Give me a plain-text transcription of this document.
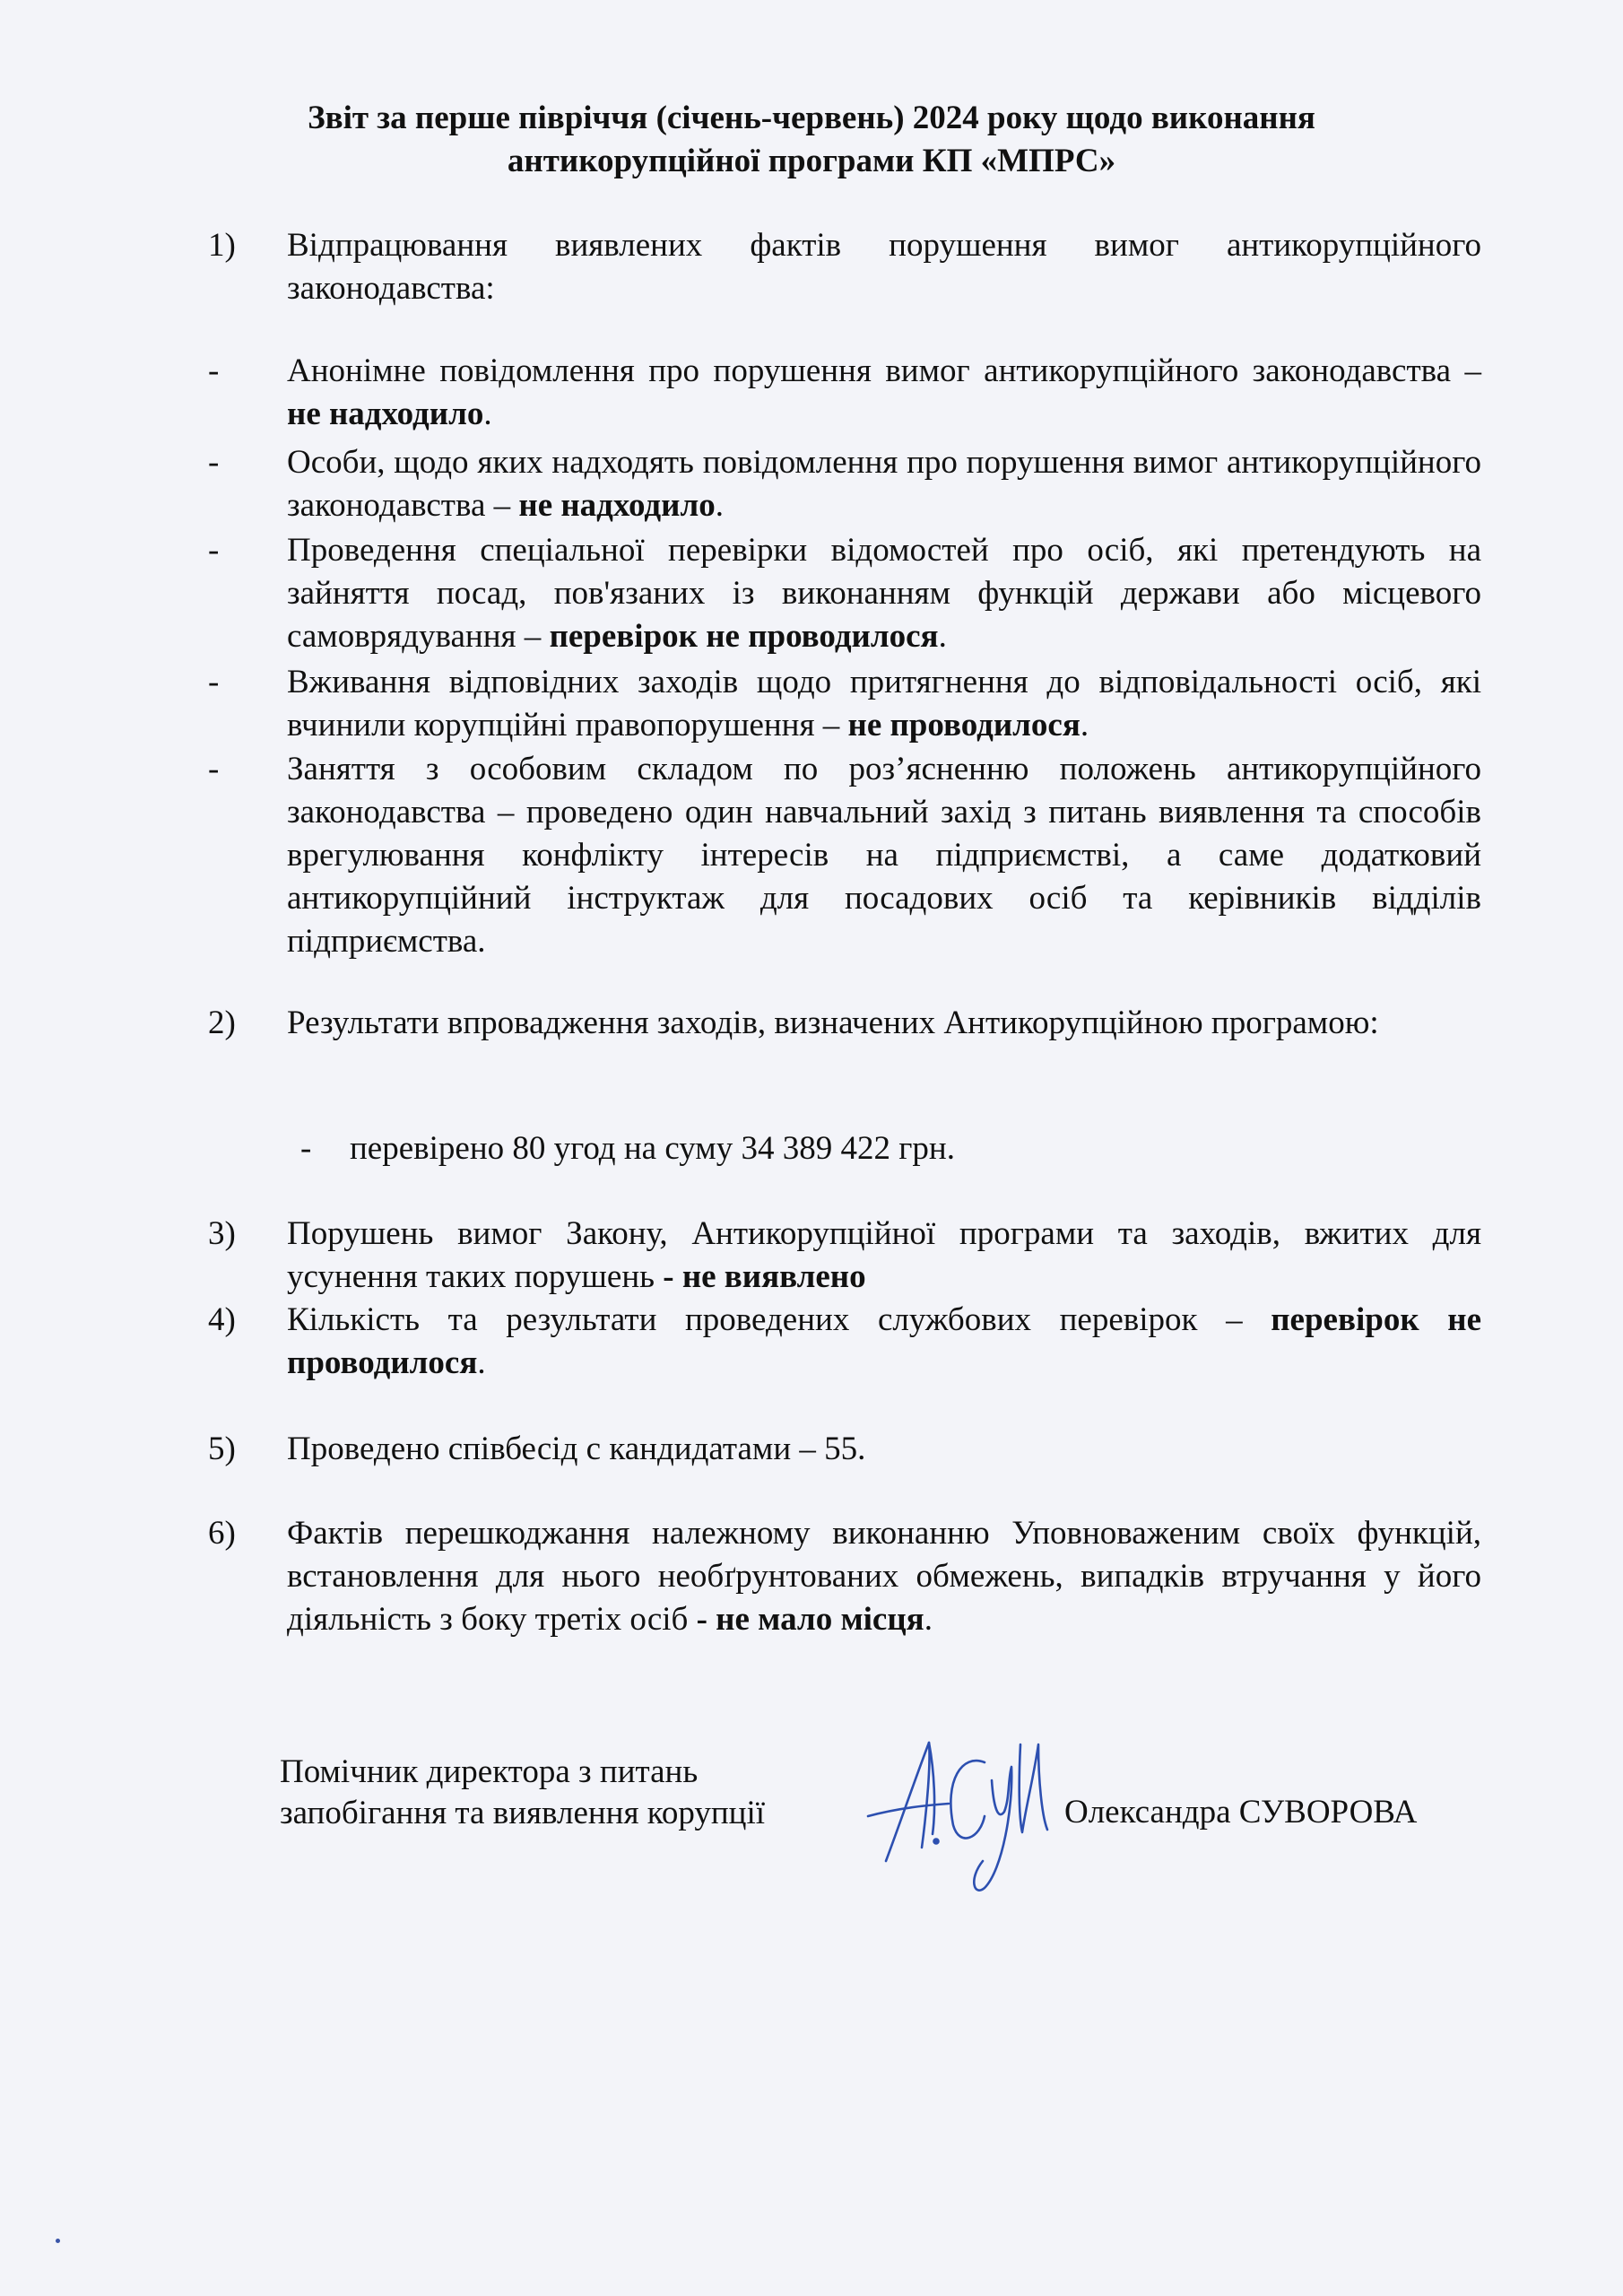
Звіт за перше півріччя (січень-червень) 2024 року щодо виконання
антикорупційної програми КП «МПРС»
1)	Відпрацювання виявлених фактів порушення вимог антикорупційного законодавства:
-	Анонімне повідомлення про порушення вимог антикорупційного законодавства – не надходило.
-	Особи, щодо яких надходять повідомлення про порушення вимог антикорупційного законодавства – не надходило.
-	Проведення спеціальної перевірки відомостей про осіб, які претендують на зайняття посад, пов'язаних із виконанням функцій держави або місцевого самоврядування – перевірок не проводилося.
-	Вживання відповідних заходів щодо притягнення до відповідальності осіб, які вчинили корупційні правопорушення – не проводилося.
-	Заняття з особовим складом по роз’ясненню положень антикорупційного законодавства – проведено один навчальний захід з питань виявлення та способів врегулювання конфлікту інтересів на підприємстві, а саме додатковий антикорупційний інструктаж для посадових осіб та керівників відділів підприємства.
2)	Результати впровадження заходів, визначених Антикорупційною програмою:
-	перевірено 80 угод на суму 34 389 422 грн.
3)	Порушень вимог Закону, Антикорупційної програми та заходів, вжитих для усунення таких порушень - не виявлено
4)	Кількість та результати проведених службових перевірок – перевірок не проводилося.
5)	Проведено співбесід с кандидатами – 55.
6)	Фактів перешкоджання належному виконанню Уповноваженим своїх функцій, встановлення для нього необґрунтованих обмежень, випадків втручання у його діяльність з боку третіх осіб - не мало місця.
Помічник директора з питань
запобігання та виявлення корупції	Олександра СУВОРОВА
